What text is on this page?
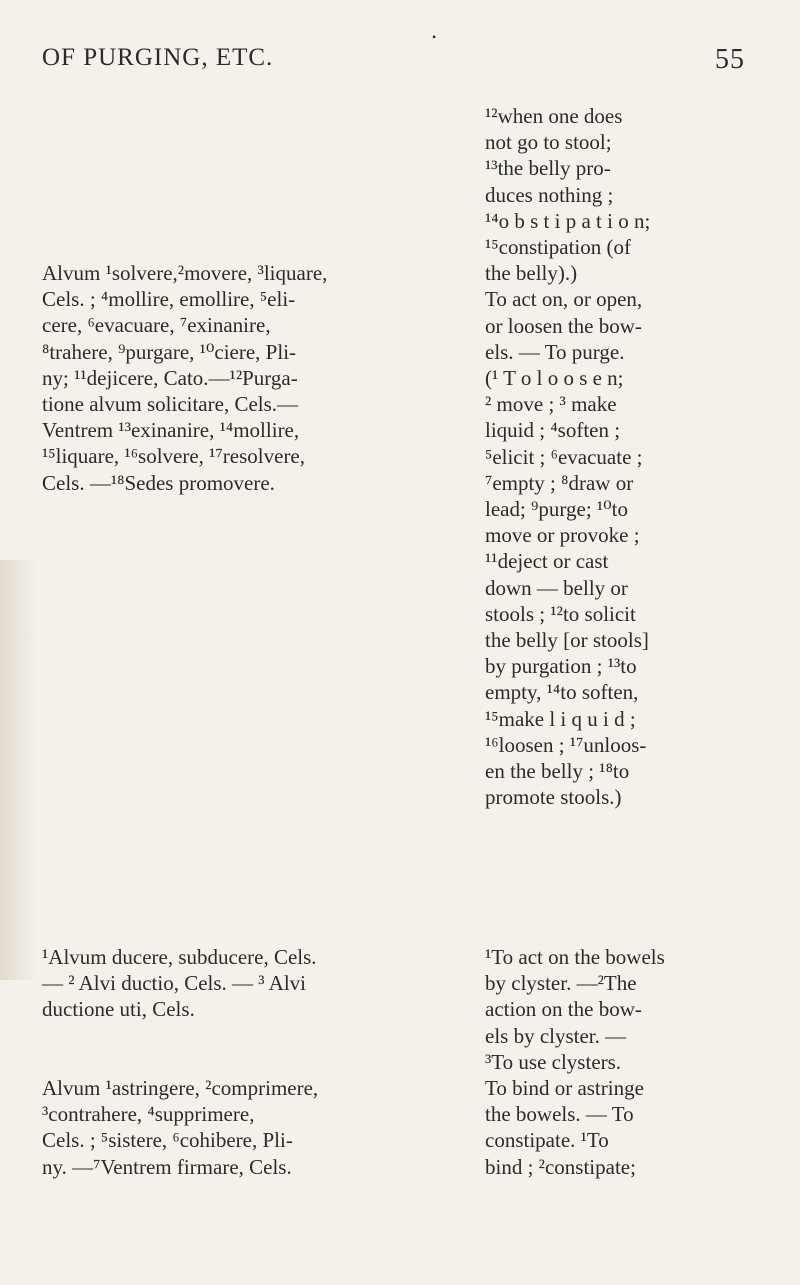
•
OF PURGING, ETC.	55
Alvum ¹solvere,²movere, ³liquare,
Cels. ; ⁴mollire, emollire, ⁵eli-
cere, ⁶evacuare, ⁷exinanire,
⁸trahere, ⁹purgare, ¹⁰ciere, Pli-
ny; ¹¹dejicere, Cato.—¹²Purga-
tione alvum solicitare, Cels.—
Ventrem ¹³exinanire, ¹⁴mollire,
¹⁵liquare, ¹⁶solvere, ¹⁷resolvere,
Cels. —¹⁸Sedes promovere.
¹²when one does
not go to stool;
¹³the belly pro-
duces nothing ;
¹⁴o b s t i p a t i o n;
¹⁵constipation (of
the belly).)
To act on, or open,
or loosen the bow-
els. — To purge.
(¹ T o l o o s e n;
² move ; ³ make
liquid ; ⁴soften ;
⁵elicit ; ⁶evacuate ;
⁷empty ; ⁸draw or
lead; ⁹purge; ¹⁰to
move or provoke ;
¹¹deject or cast
down — belly or
stools ; ¹²to solicit
the belly [or stools]
by purgation ; ¹³to
empty, ¹⁴to soften,
¹⁵make l i q u i d ;
¹⁶loosen ; ¹⁷unloos-
en the belly ; ¹⁸to
promote stools.)
¹Alvum ducere, subducere, Cels.
— ² Alvi ductio, Cels. — ³ Alvi
ductione uti, Cels.
¹To act on the bowels
by clyster. —²The
action on the bow-
els by clyster. —
³To use clysters.
Alvum ¹astringere, ²comprimere,
³contrahere, ⁴supprimere,
Cels. ; ⁵sistere, ⁶cohibere, Pli-
ny. —⁷Ventrem firmare, Cels.
To bind or astringe
the bowels. — To
constipate. ¹To
bind ; ²constipate;
